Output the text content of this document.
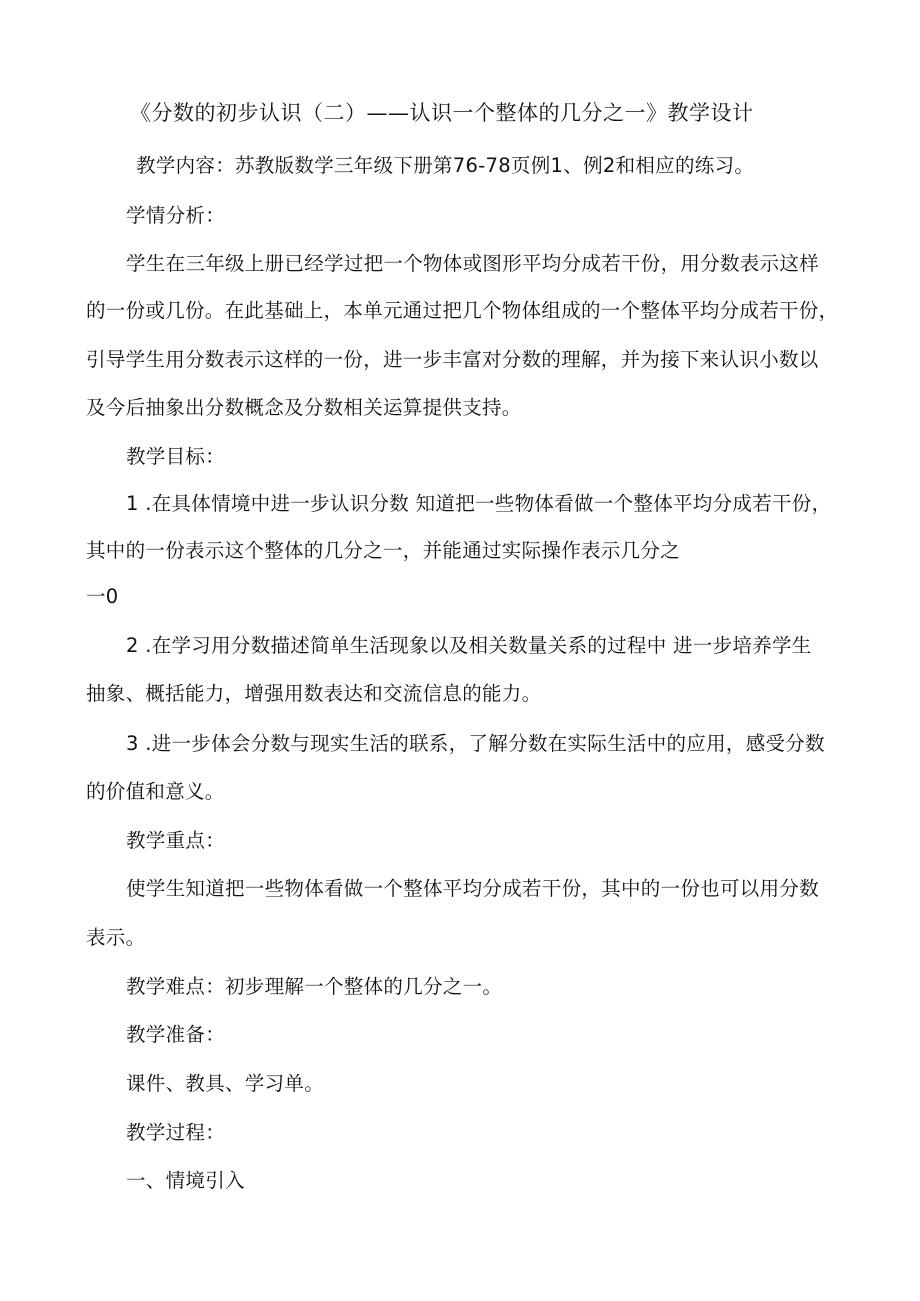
《分数的初步认识（二）——认识一个整体的几分之一》教学设计
教学内容：苏教版数学三年级下册第76-78页例1、例2和相应的练习。
学情分析：
学生在三年级上册已经学过把一个物体或图形平均分成若干份，用分数表示这样
的一份或几份。在此基础上，本单元通过把几个物体组成的一个整体平均分成若干份，
引导学生用分数表示这样的一份，进一步丰富对分数的理解，并为接下来认识小数以
及今后抽象出分数概念及分数相关运算提供支持。
教学目标：
1 .在具体情境中进一步认识分数 知道把一些物体看做一个整体平均分成若干份，
其中的一份表示这个整体的几分之一，并能通过实际操作表示几分之
一0
2 .在学习用分数描述简单生活现象以及相关数量关系的过程中 进一步培养学生
抽象、概括能力，增强用数表达和交流信息的能力。
3 .进一步体会分数与现实生活的联系，了解分数在实际生活中的应用，感受分数
的价值和意义。
教学重点：
使学生知道把一些物体看做一个整体平均分成若干份，其中的一份也可以用分数
表示。
教学难点：初步理解一个整体的几分之一。
教学准备：
课件、教具、学习单。
教学过程：
一、情境引入
